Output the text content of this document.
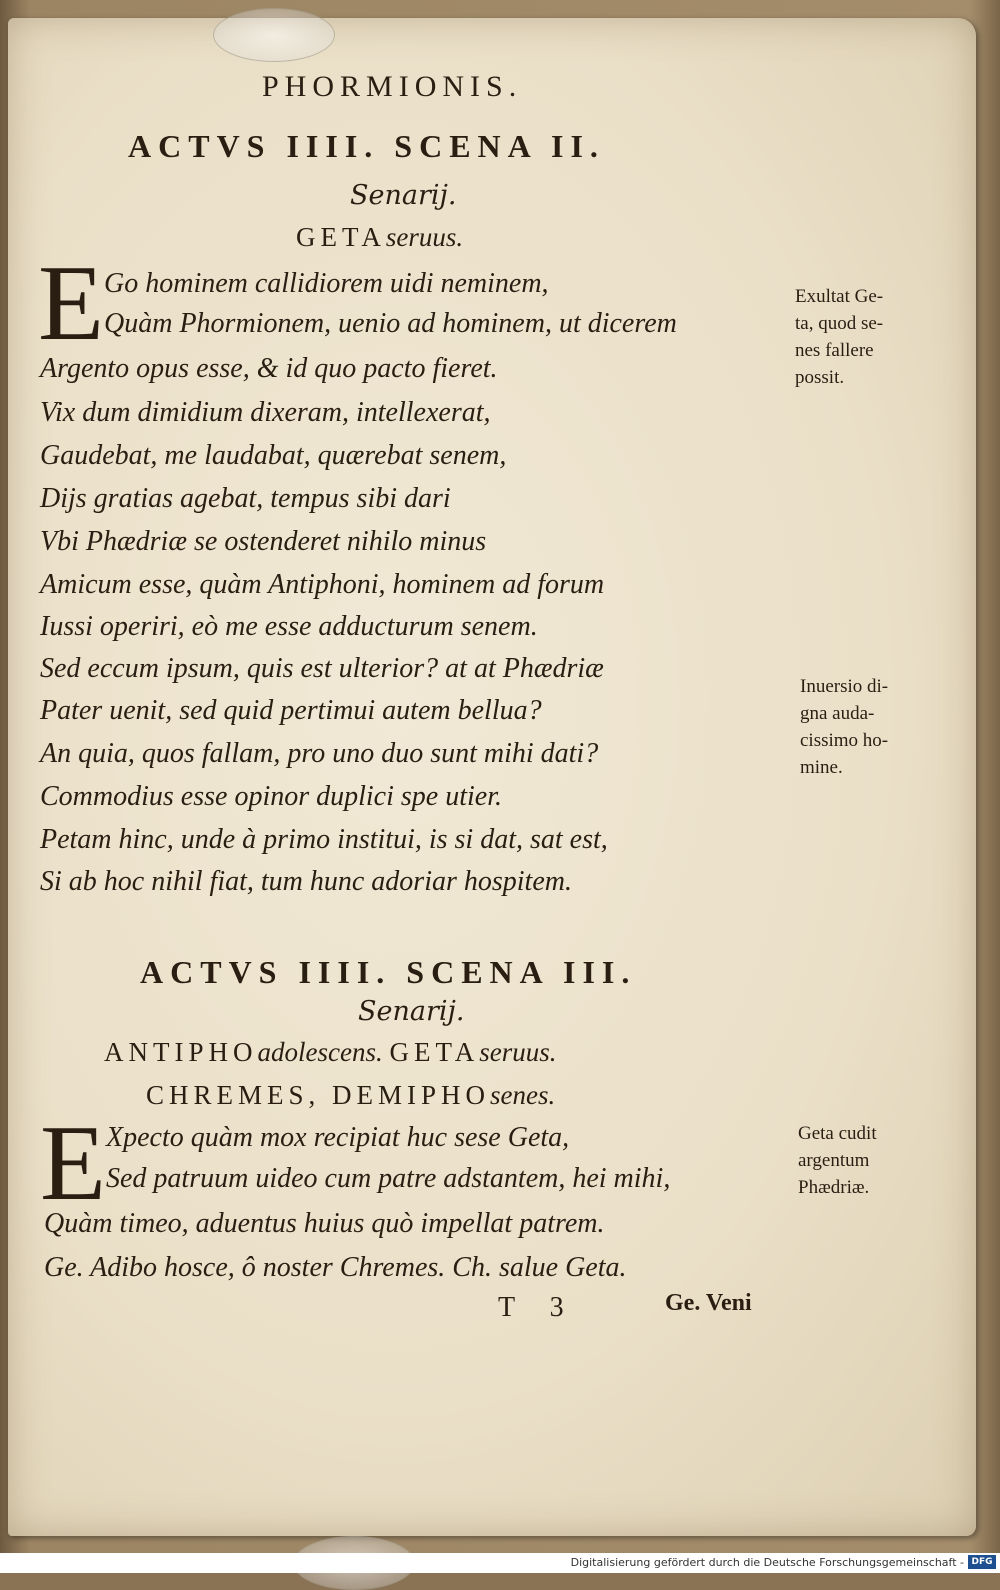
PHORMIONIS.
ACTVS IIII. SCENA II.
Senarij.
GETAseruus.
E Go hominem callidiorem uidi neminem,
Quàm Phormionem, uenio ad hominem, ut dicerem
Argento opus esse, & id quo pacto fieret.
Vix dum dimidium dixeram, intellexerat,
Gaudebat, me laudabat, quærebat senem,
Dijs gratias agebat, tempus sibi dari
Vbi Phædriæ se ostenderet nihilo minus
Amicum esse, quàm Antiphoni, hominem ad forum
Iussi operiri, eò me esse adducturum senem.
Sed eccum ipsum, quis est ulterior? at at Phædriæ
Pater uenit, sed quid pertimui autem bellua?
An quia, quos fallam, pro uno duo sunt mihi dati?
Commodius esse opinor duplici spe utier.
Petam hinc, unde à primo institui, is si dat, sat est,
Si ab hoc nihil fiat, tum hunc adoriar hospitem.
Exultat Ge-
ta, quod se-
nes fallere
possit.
Inuersio di-
gna auda-
cissimo ho-
mine.
ACTVS IIII. SCENA III.
Senarij.
ANTIPHOadolescens. GETAseruus.
CHREMES, DEMIPHOsenes.
E Xpecto quàm mox recipiat huc sese Geta,
Sed patruum uideo cum patre adstantem, hei mihi,
Quàm timeo, aduentus huius quò impellat patrem.
Ge. Adibo hosce, ô noster Chremes. Ch. salue Geta.
Geta cudit
argentum
Phædriæ.
T 3	Ge. Veni
Digitalisierung gefördert durch die Deutsche Forschungsgemeinschaft - DFG
